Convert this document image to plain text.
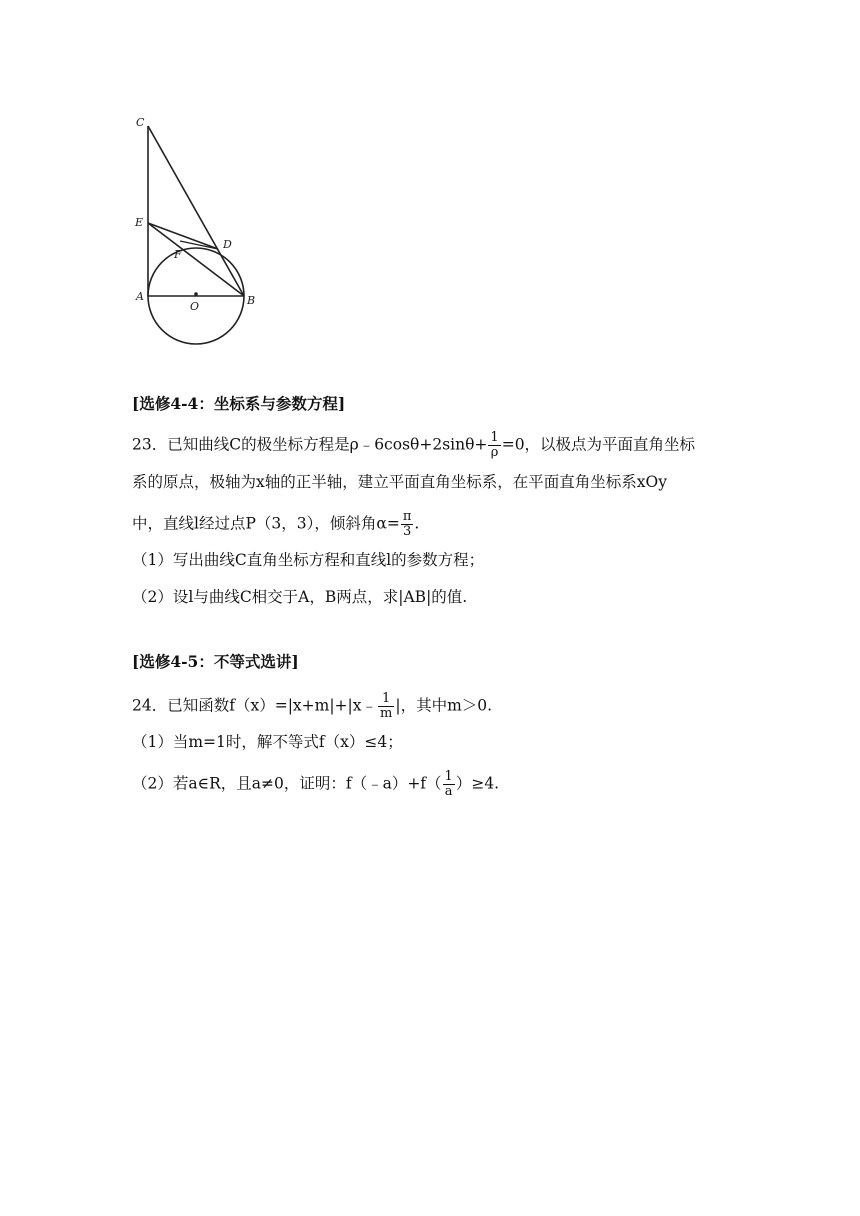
C
E
F
D
A
O	B
[选修4-4：坐标系与参数方程]
23．已知曲线C的极坐标方程是ρ﹣6cosθ+2sinθ+ $\frac{1}{\rho} =0$，以极点为平面直角坐标
系的原点，极轴为x轴的正半轴，建立平面直角坐标系，在平面直角坐标系xOy
中，直线l经过点P（3，3），倾斜角$\alpha= \frac{\pi}{3}$ .
（1）写出曲线C直角坐标方程和直线l的参数方程；
（2）设l与曲线C相交于A，B两点，求|AB|的值.
[选修4-5：不等式选讲]
24．已知函数f（x）=|x+m|+|x﹣ $\frac{1}{m}$ |，其中m＞0.
（1）当m=1时，解不等式f（x）≤4；
（2）若a∈R，且a≠0，证明：f（﹣a）+f（ $\frac{1}{a} )\ge 4$.
